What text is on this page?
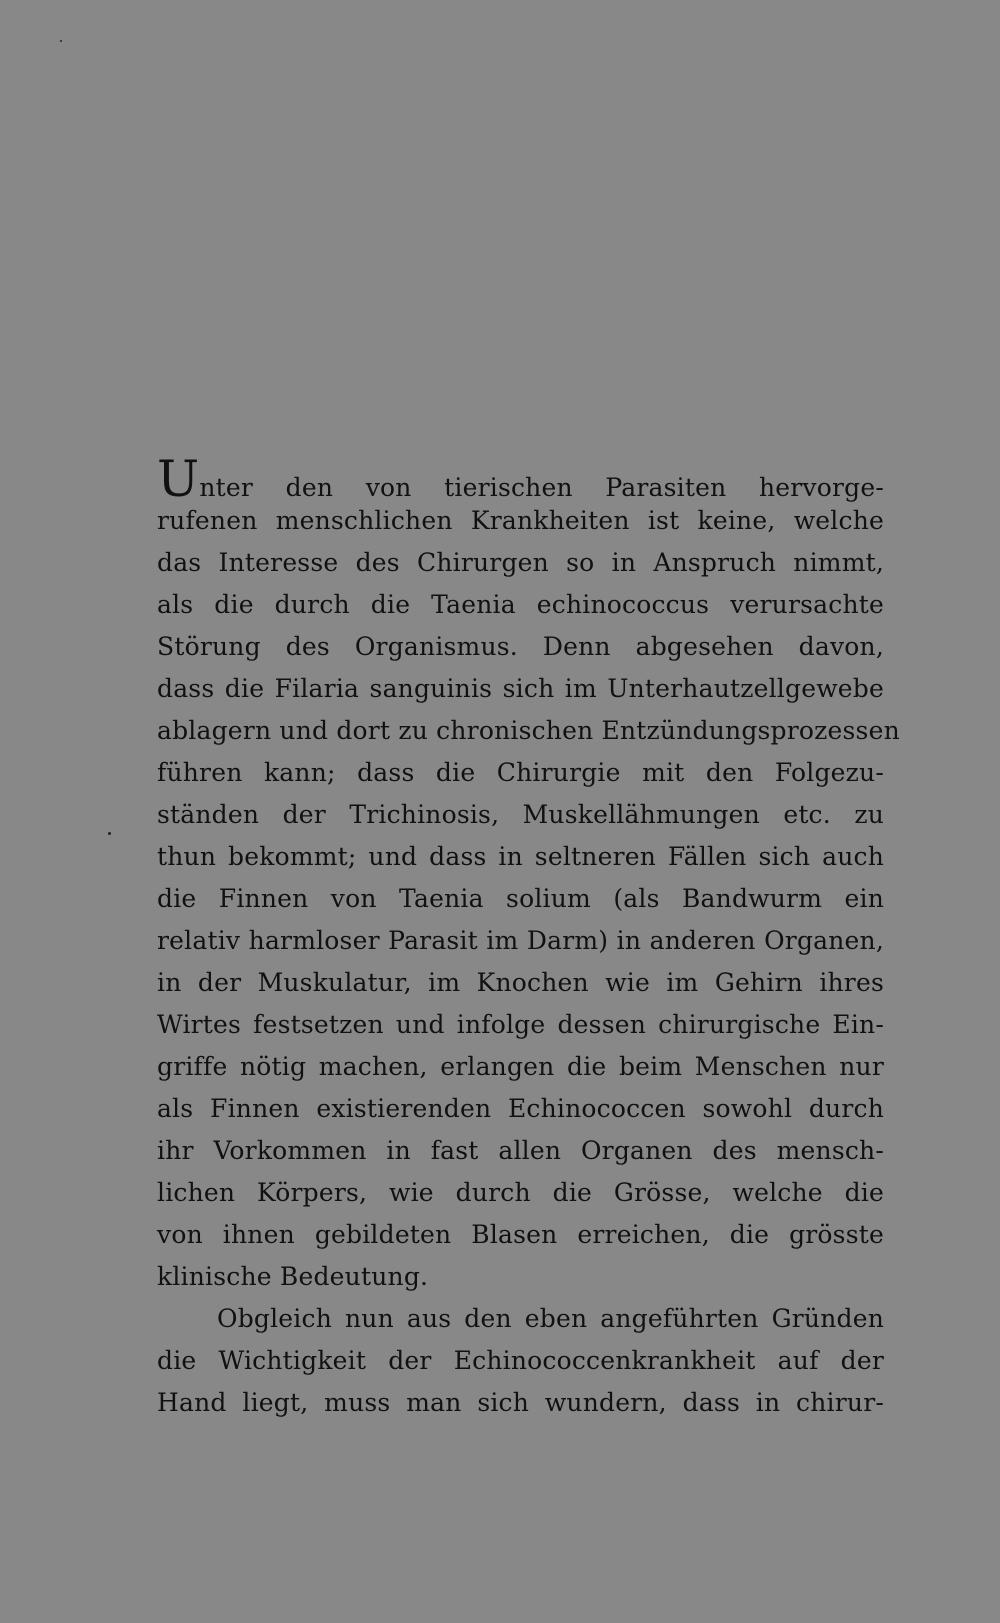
Unter den von tierischen Parasiten hervorge-
rufenen menschlichen Krankheiten ist keine, welche
das Interesse des Chirurgen so in Anspruch nimmt,
als die durch die Taenia echinococcus verursachte
Störung des Organismus. Denn abgesehen davon,
dass die Filaria sanguinis sich im Unterhautzellgewebe
ablagern und dort zu chronischen Entzündungsprozessen
führen kann; dass die Chirurgie mit den Folgezu-
ständen der Trichinosis, Muskellähmungen etc. zu
thun bekommt; und dass in seltneren Fällen sich auch
die Finnen von Taenia solium (als Bandwurm ein
relativ harmloser Parasit im Darm) in anderen Organen,
in der Muskulatur, im Knochen wie im Gehirn ihres
Wirtes festsetzen und infolge dessen chirurgische Ein-
griffe nötig machen, erlangen die beim Menschen nur
als Finnen existierenden Echinococcen sowohl durch
ihr Vorkommen in fast allen Organen des mensch-
lichen Körpers, wie durch die Grösse, welche die
von ihnen gebildeten Blasen erreichen, die grösste
klinische Bedeutung.
Obgleich nun aus den eben angeführten Gründen
die Wichtigkeit der Echinococcenkrankheit auf der
Hand liegt, muss man sich wundern, dass in chirur-
